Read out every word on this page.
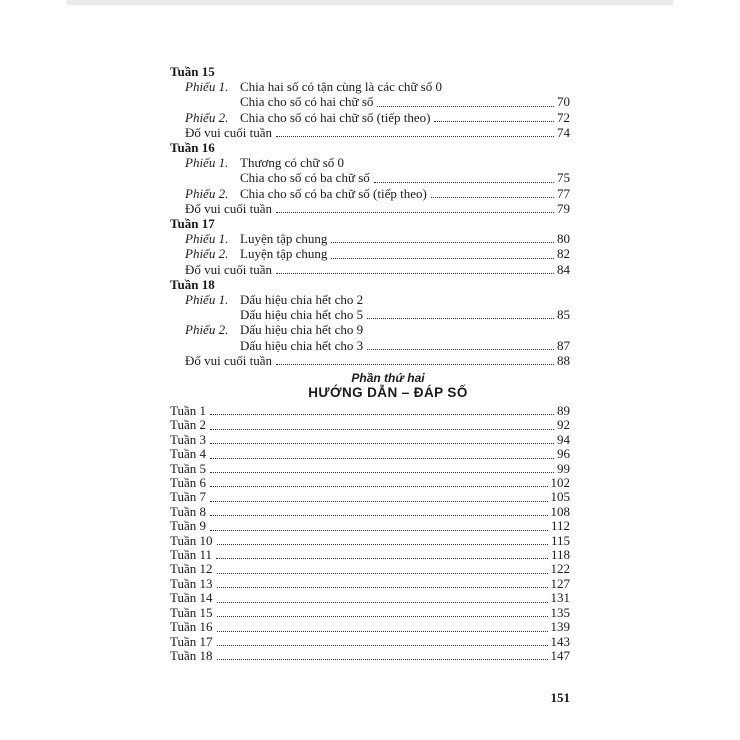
Tuần 15
Phiếu 1. Chia hai số có tận cùng là các chữ số 0
Chia cho số có hai chữ số	70
Phiếu 2. Chia cho số có hai chữ số (tiếp theo)	72
Đố vui cuối tuần	74
Tuần 16
Phiếu 1. Thương có chữ số 0
Chia cho số có ba chữ số	75
Phiếu 2. Chia cho số có ba chữ số (tiếp theo)	77
Đố vui cuối tuần	79
Tuần 17
Phiếu 1. Luyện tập chung	80
Phiếu 2. Luyện tập chung	82
Đố vui cuối tuần	84
Tuần 18
Phiếu 1. Dấu hiệu chia hết cho 2
Dấu hiệu chia hết cho 5	85
Phiếu 2. Dấu hiệu chia hết cho 9
Dấu hiệu chia hết cho 3	87
Đố vui cuối tuần	88
Phần thứ hai
HƯỚNG DẪN – ĐÁP SỐ
Tuần 1	89
Tuần 2	92
Tuần 3	94
Tuần 4	96
Tuần 5	99
Tuần 6	102
Tuần 7	105
Tuần 8	108
Tuần 9	112
Tuần 10	115
Tuần 11	118
Tuần 12	122
Tuần 13	127
Tuần 14	131
Tuần 15	135
Tuần 16	139
Tuần 17	143
Tuần 18	147
151
